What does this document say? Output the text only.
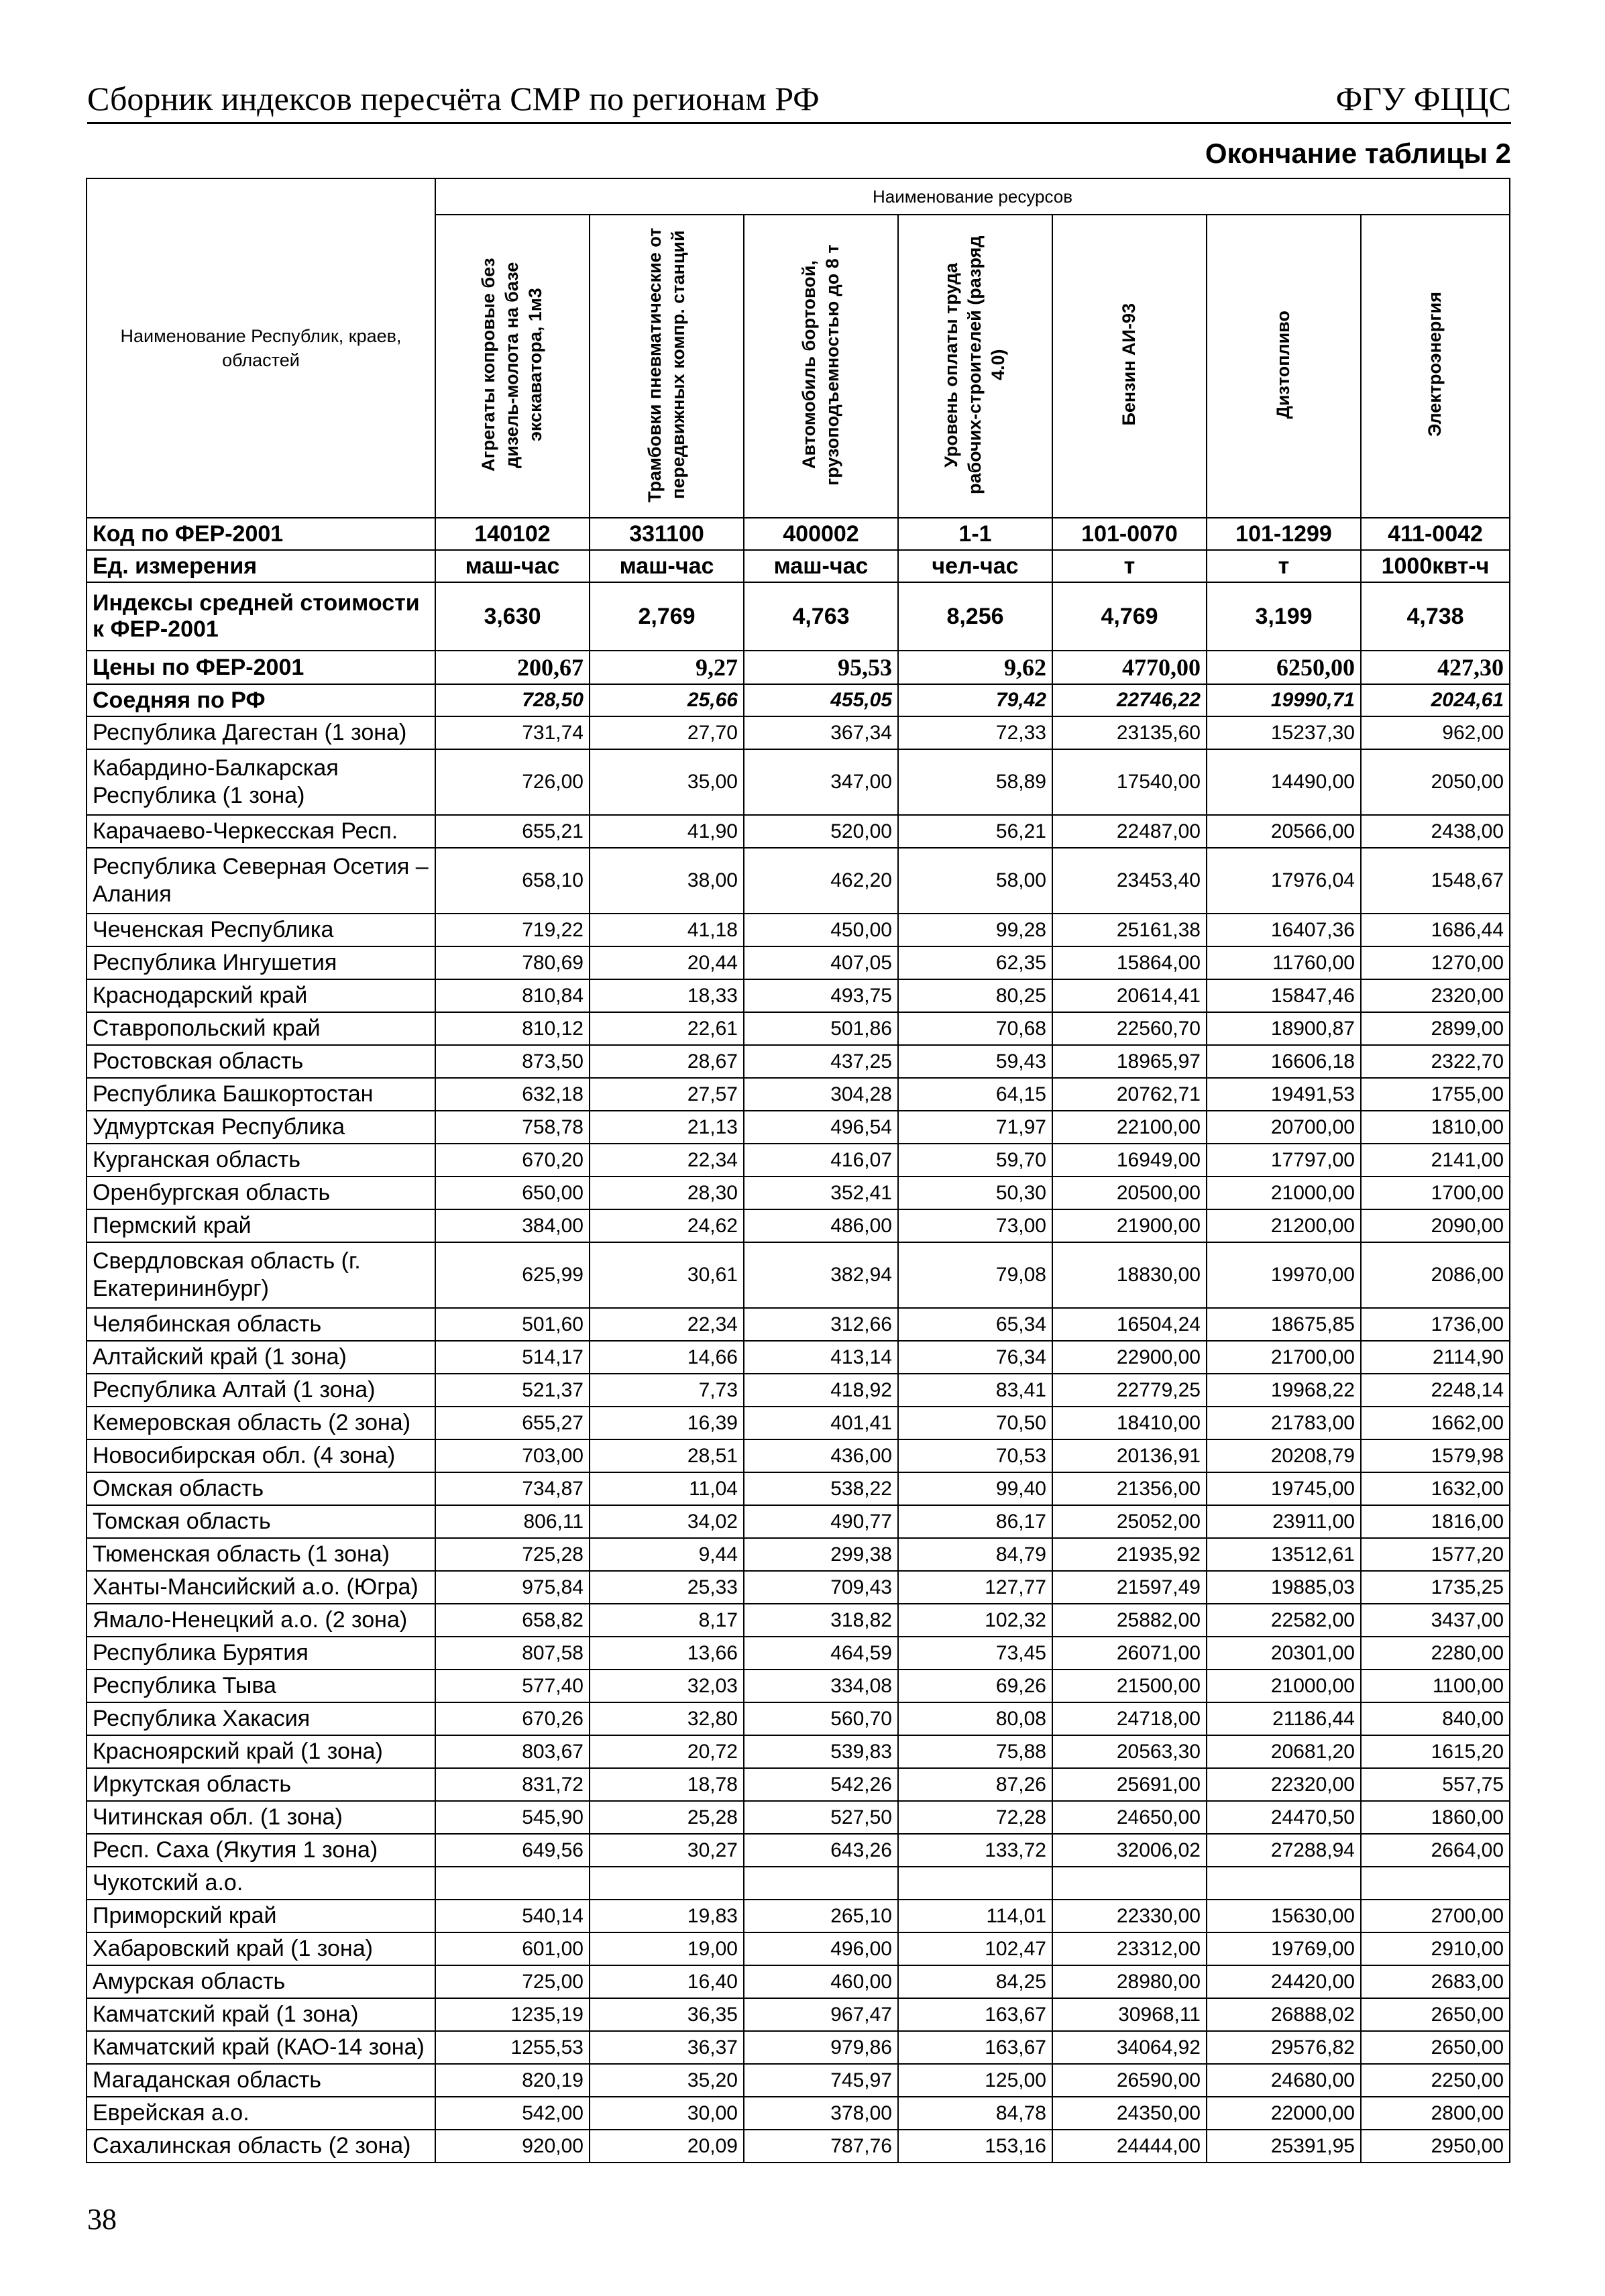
Сборник индексов пересчёта СМР по регионам РФ	ФГУ ФЦЦС
Окончание таблицы 2
Наименование Республик, краев, областей	Наименование ресурсов						
	Агрегаты копровые без дизель-молота на базе экскаватора, 1м3	Трамбовки пневматические от передвижных компр. станций	Автомобиль бортовой, грузоподъемностью до 8 т	Уровень оплаты труда рабочих-строителей (разряд 4.0)	Бензин АИ-93	Дизтопливо	Электроэнергия
Код по ФЕР-2001	140102	331100	400002	1-1	101-0070	101-1299	411-0042
Ед. измерения	маш-час	маш-час	маш-час	чел-час	т	т	1000квт-ч
Индексы средней стоимости к ФЕР-2001	3,630	2,769	4,763	8,256	4,769	3,199	4,738
Цены по ФЕР-2001	200,67	9,27	95,53	9,62	4770,00	6250,00	427,30
Соедняя по РФ	728,50	25,66	455,05	79,42	22746,22	19990,71	2024,61
Республика Дагестан (1 зона)	731,74	27,70	367,34	72,33	23135,60	15237,30	962,00
Кабардино-Балкарская Республика (1 зона)	726,00	35,00	347,00	58,89	17540,00	14490,00	2050,00
Карачаево-Черкесская Респ.	655,21	41,90	520,00	56,21	22487,00	20566,00	2438,00
Республика Северная Осетия – Алания	658,10	38,00	462,20	58,00	23453,40	17976,04	1548,67
Чеченская Республика	719,22	41,18	450,00	99,28	25161,38	16407,36	1686,44
Республика Ингушетия	780,69	20,44	407,05	62,35	15864,00	11760,00	1270,00
Краснодарский край	810,84	18,33	493,75	80,25	20614,41	15847,46	2320,00
Ставропольский край	810,12	22,61	501,86	70,68	22560,70	18900,87	2899,00
Ростовская область	873,50	28,67	437,25	59,43	18965,97	16606,18	2322,70
Республика Башкортостан	632,18	27,57	304,28	64,15	20762,71	19491,53	1755,00
Удмуртская Республика	758,78	21,13	496,54	71,97	22100,00	20700,00	1810,00
Курганская область	670,20	22,34	416,07	59,70	16949,00	17797,00	2141,00
Оренбургская область	650,00	28,30	352,41	50,30	20500,00	21000,00	1700,00
Пермский край	384,00	24,62	486,00	73,00	21900,00	21200,00	2090,00
Свердловская область (г. Екатерининбург)	625,99	30,61	382,94	79,08	18830,00	19970,00	2086,00
Челябинская область	501,60	22,34	312,66	65,34	16504,24	18675,85	1736,00
Алтайский край (1 зона)	514,17	14,66	413,14	76,34	22900,00	21700,00	2114,90
Республика Алтай (1 зона)	521,37	7,73	418,92	83,41	22779,25	19968,22	2248,14
Кемеровская область (2 зона)	655,27	16,39	401,41	70,50	18410,00	21783,00	1662,00
Новосибирская обл. (4 зона)	703,00	28,51	436,00	70,53	20136,91	20208,79	1579,98
Омская область	734,87	11,04	538,22	99,40	21356,00	19745,00	1632,00
Томская область	806,11	34,02	490,77	86,17	25052,00	23911,00	1816,00
Тюменская область (1 зона)	725,28	9,44	299,38	84,79	21935,92	13512,61	1577,20
Ханты-Мансийский а.о. (Югра)	975,84	25,33	709,43	127,77	21597,49	19885,03	1735,25
Ямало-Ненецкий а.о. (2 зона)	658,82	8,17	318,82	102,32	25882,00	22582,00	3437,00
Республика Бурятия	807,58	13,66	464,59	73,45	26071,00	20301,00	2280,00
Республика Тыва	577,40	32,03	334,08	69,26	21500,00	21000,00	1100,00
Республика Хакасия	670,26	32,80	560,70	80,08	24718,00	21186,44	840,00
Красноярский край (1 зона)	803,67	20,72	539,83	75,88	20563,30	20681,20	1615,20
Иркутская область	831,72	18,78	542,26	87,26	25691,00	22320,00	557,75
Читинская обл. (1 зона)	545,90	25,28	527,50	72,28	24650,00	24470,50	1860,00
Респ. Саха (Якутия 1 зона)	649,56	30,27	643,26	133,72	32006,02	27288,94	2664,00
Чукотский а.о.							
Приморский край	540,14	19,83	265,10	114,01	22330,00	15630,00	2700,00
Хабаровский край (1 зона)	601,00	19,00	496,00	102,47	23312,00	19769,00	2910,00
Амурская область	725,00	16,40	460,00	84,25	28980,00	24420,00	2683,00
Камчатский край (1 зона)	1235,19	36,35	967,47	163,67	30968,11	26888,02	2650,00
Камчатский край (КАО-14 зона)	1255,53	36,37	979,86	163,67	34064,92	29576,82	2650,00
Магаданская область	820,19	35,20	745,97	125,00	26590,00	24680,00	2250,00
Еврейская а.о.	542,00	30,00	378,00	84,78	24350,00	22000,00	2800,00
Сахалинская область (2 зона)	920,00	20,09	787,76	153,16	24444,00	25391,95	2950,00
38
